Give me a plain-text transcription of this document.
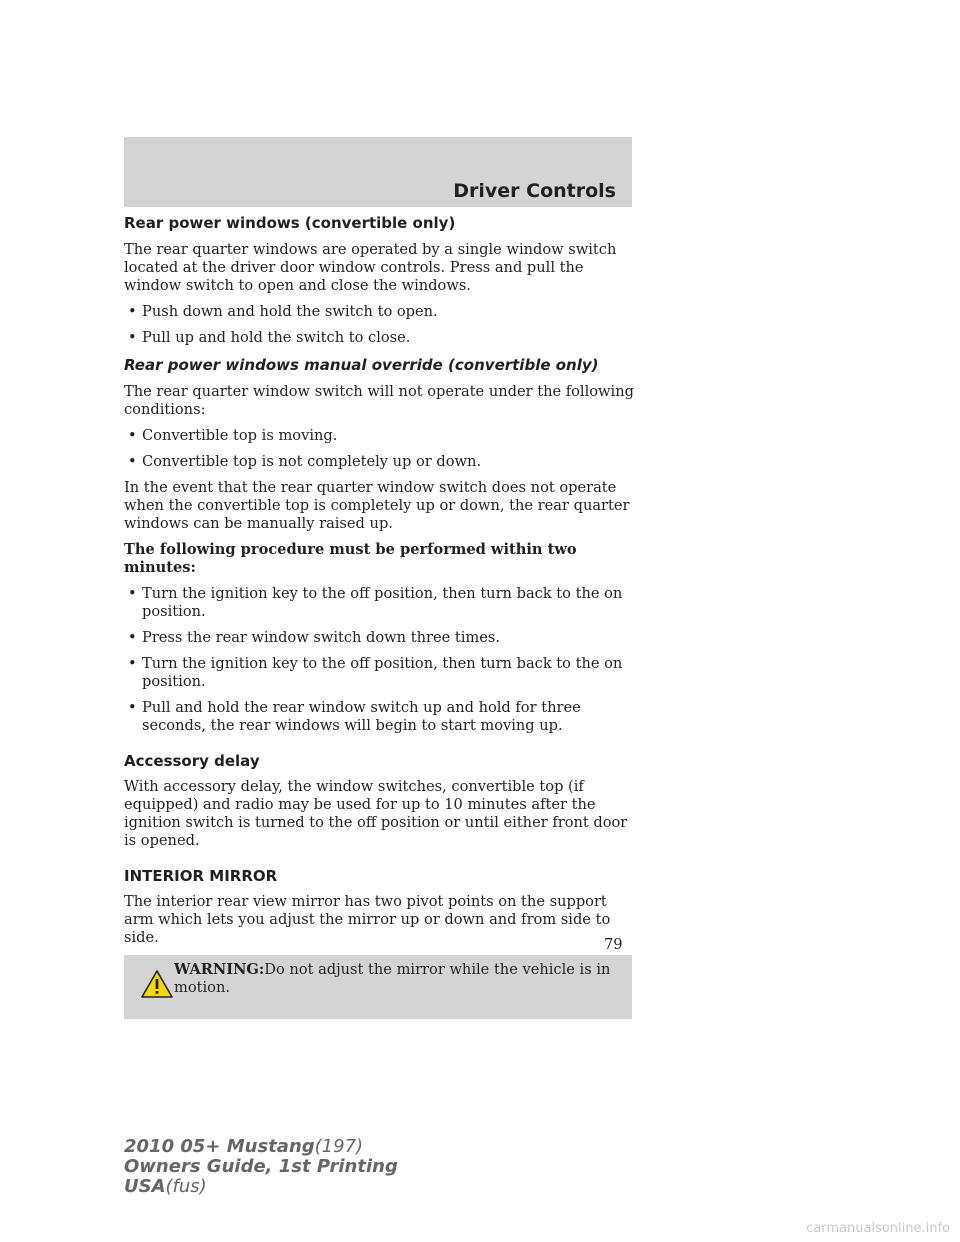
Driver Controls
Rear power windows (convertible only)

The rear quarter windows are operated by a single window switch located at the driver door window controls. Press and pull the window switch to open and close the windows.

• Push down and hold the switch to open.
• Pull up and hold the switch to close.
Rear power windows manual override (convertible only)

The rear quarter window switch will not operate under the following conditions:

• Convertible top is moving.
• Convertible top is not completely up or down.

In the event that the rear quarter window switch does not operate when the convertible top is completely up or down, the rear quarter windows can be manually raised up.

The following procedure must be performed within two minutes:

• Turn the ignition key to the off position, then turn back to the on position.
• Press the rear window switch down three times.
• Turn the ignition key to the off position, then turn back to the on position.
• Pull and hold the rear window switch up and hold for three seconds, the rear windows will begin to start moving up.
Accessory delay

With accessory delay, the window switches, convertible top (if equipped) and radio may be used for up to 10 minutes after the ignition switch is turned to the off position or until either front door is opened.

INTERIOR MIRROR

The interior rear view mirror has two pivot points on the support arm which lets you adjust the mirror up or down and from side to side.

WARNING:Do not adjust the mirror while the vehicle is in motion.
79
2010 05+ Mustang(197)
Owners Guide, 1st Printing
USA(fus)
carmanualsonline.info
